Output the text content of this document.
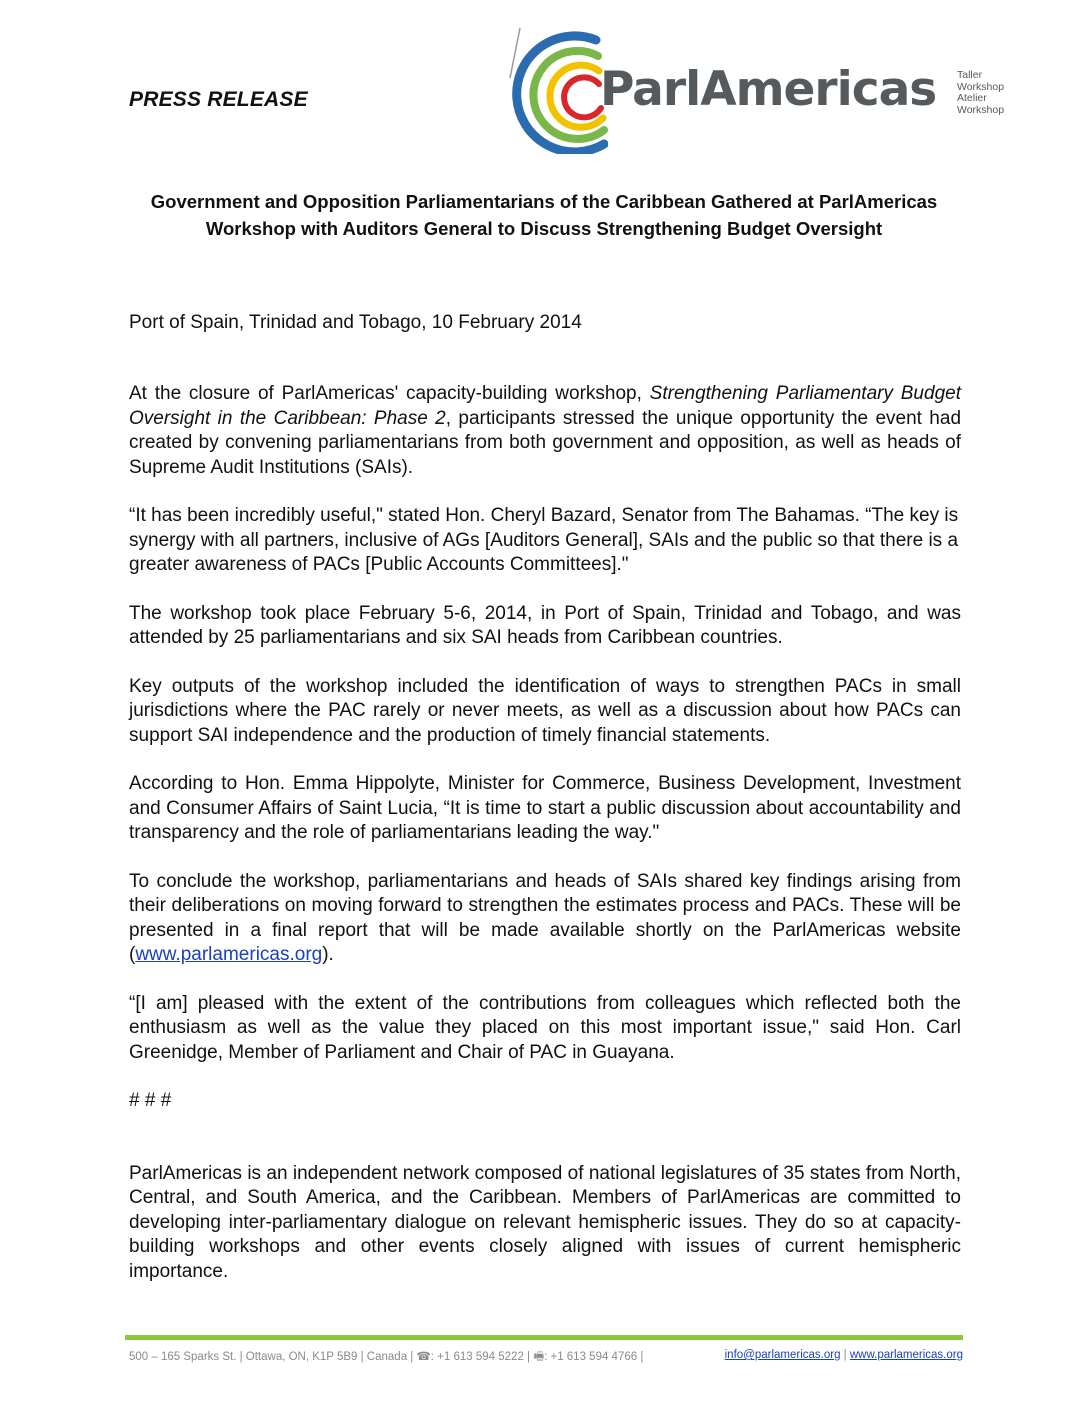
PRESS RELEASE	ParlAmericas Taller
Workshop
Atelier
Workshop
Government and Opposition Parliamentarians of the Caribbean Gathered at ParlAmericas Workshop with Auditors General to Discuss Strengthening Budget Oversight
Port of Spain, Trinidad and Tobago, 10 February 2014

At the closure of ParlAmericas' capacity-building workshop, Strengthening Parliamentary Budget Oversight in the Caribbean: Phase 2, participants stressed the unique opportunity the event had created by convening parliamentarians from both government and opposition, as well as heads of Supreme Audit Institutions (SAIs).

“It has been incredibly useful," stated Hon. Cheryl Bazard, Senator from The Bahamas. “The key is synergy with all partners, inclusive of AGs [Auditors General], SAIs and the public so that there is a greater awareness of PACs [Public Accounts Committees]."

The workshop took place February 5-6, 2014, in Port of Spain, Trinidad and Tobago, and was attended by 25 parliamentarians and six SAI heads from Caribbean countries.

Key outputs of the workshop included the identification of ways to strengthen PACs in small jurisdictions where the PAC rarely or never meets, as well as a discussion about how PACs can support SAI independence and the production of timely financial statements.

According to Hon. Emma Hippolyte, Minister for Commerce, Business Development, Investment and Consumer Affairs of Saint Lucia, “It is time to start a public discussion about accountability and transparency and the role of parliamentarians leading the way."

To conclude the workshop, parliamentarians and heads of SAIs shared key findings arising from their deliberations on moving forward to strengthen the estimates process and PACs. These will be presented in a final report that will be made available shortly on the ParlAmericas website (www.parlamericas.org).

“[I am] pleased with the extent of the contributions from colleagues which reflected both the enthusiasm as well as the value they placed on this most important issue," said Hon. Carl Greenidge, Member of Parliament and Chair of PAC in Guayana.

# # #

ParlAmericas is an independent network composed of national legislatures of 35 states from North, Central, and South America, and the Caribbean. Members of ParlAmericas are committed to developing inter-parliamentary dialogue on relevant hemispheric issues. They do so at capacity-building workshops and other events closely aligned with issues of current hemispheric importance.

500 – 165 Sparks St. | Ottawa, ON, K1P 5B9 | Canada | ☎: +1 613 594 5222 | 🖷: +1 613 594 4766 |	info@parlamericas.org | www.parlamericas.org
